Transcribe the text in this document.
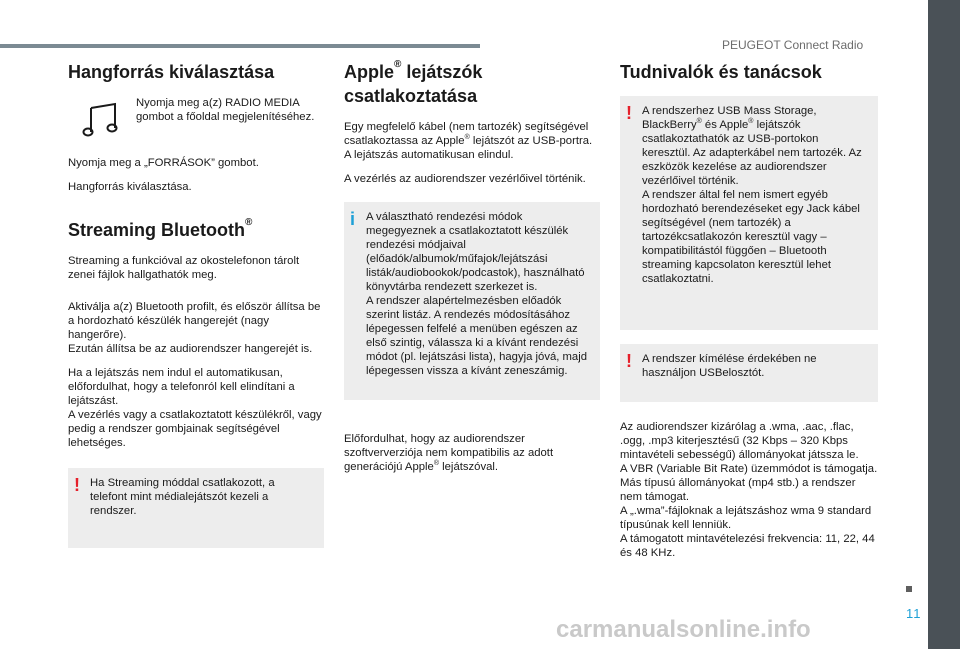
PEUGEOT Connect Radio
11
carmanualsonline.info
Hangforrás kiválasztása
Nyomja meg a(z) RADIO MEDIA gombot a főoldal megjelenítéséhez.

Nyomja meg a „FORRÁSOK” gombot.

Hangforrás kiválasztása.

Streaming Bluetooth®

Streaming a funkcióval az okostelefonon tárolt zenei fájlok hallgathatók meg.

Aktiválja a(z) Bluetooth profilt, és először állítsa be a hordozható készülék hangerejét (nagy hangerőre).

Ezután állítsa be az audiorendszer hangerejét is.

Ha a lejátszás nem indul el automatikusan, előfordulhat, hogy a telefonról kell elindítani a lejátszást.

A vezérlés vagy a csatlakoztatott készülékről, vagy pedig a rendszer gombjainak segítségével lehetséges.

! Ha Streaming móddal csatlakozott, a telefont mint médialejátszót kezeli a rendszer.
Apple® lejátszók csatlakoztatása

Egy megfelelő kábel (nem tartozék) segítségével csatlakoztassa az Apple® lejátszót az USB-portra.

A lejátszás automatikusan elindul.

A vezérlés az audiorendszer vezérlőivel történik.

i A választható rendezési módok megegyeznek a csatlakoztatott készülék rendezési módjaival (előadók/albumok/műfajok/lejátszási listák/audiobookok/podcastok), használható könyvtárba rendezett szerkezet is.
A rendszer alapértelmezésben előadók szerint listáz. A rendezés módosításához lépegessen felfelé a menüben egészen az első szintig, válassza ki a kívánt rendezési módot (pl. lejátszási lista), hagyja jóvá, majd lépegessen vissza a kívánt zeneszámig.

Előfordulhat, hogy az audiorendszer szoftververziója nem kompatibilis az adott generációjú Apple® lejátszóval.

Tudnivalók és tanácsok
! A rendszerhez USB Mass Storage, BlackBerry® és Apple® lejátszók csatlakoztathatók az USB-portokon keresztül. Az adapterkábel nem tartozék. Az eszközök kezelése az audiorendszer vezérlőivel történik.
A rendszer által fel nem ismert egyéb hordozható berendezéseket egy Jack kábel segítségével (nem tartozék) a tartozékcsatlakozón keresztül vagy – kompatibilitástól függően – Bluetooth streaming kapcsolaton keresztül lehet csatlakoztatni.
! A rendszer kímélése érdekében ne használjon USBelosztót.
Az audiorendszer kizárólag a .wma, .aac, .flac, .ogg, .mp3 kiterjesztésű (32 Kbps – 320 Kbps mintavételi sebességű) állományokat játssza le.
A VBR (Variable Bit Rate) üzemmódot is támogatja.
Más típusú állományokat (mp4 stb.) a rendszer nem támogat.
A „.wma”-fájloknak a lejátszáshoz wma 9 standard típusúnak kell lenniük.
A támogatott mintavételezési frekvencia: 11, 22, 44 és 48 KHz.
